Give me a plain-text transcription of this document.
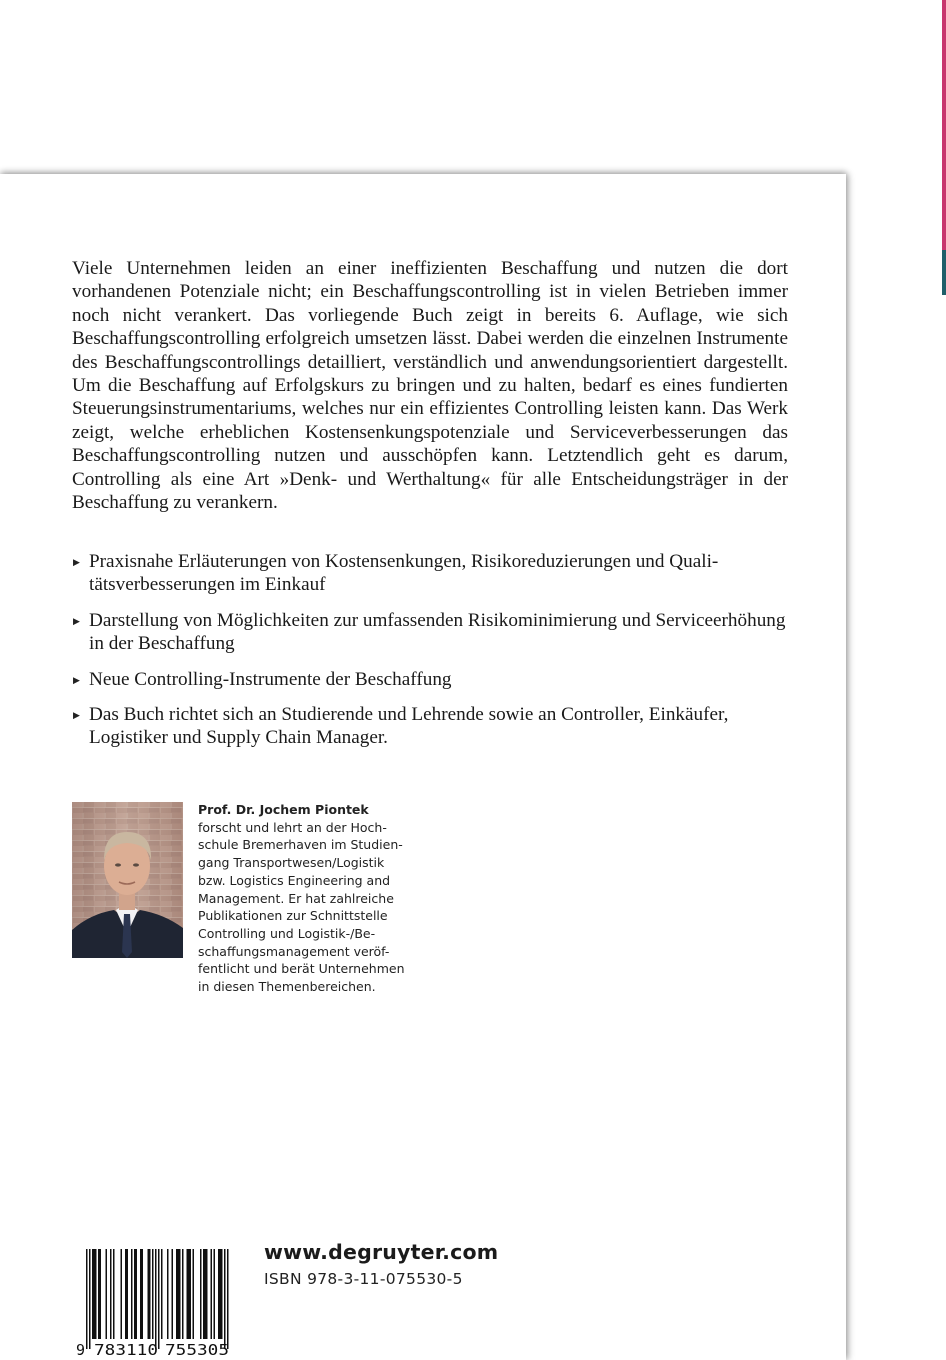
Viele Unternehmen leiden an einer ineffizienten Beschaffung und nutzen die dort vorhandenen Potenziale nicht; ein Beschaffungscontrolling ist in vielen Betrieben immer noch nicht verankert. Das vorliegende Buch zeigt in bereits 6. Auflage, wie sich Beschaffungscontrolling erfolgreich umsetzen lässt. Dabei werden die einzelnen Instrumente des Beschaffungscontrollings detailliert, verständlich und anwendungsorientiert dargestellt. Um die Beschaffung auf Erfolgskurs zu bringen und zu halten, bedarf es eines fundierten Steuerungsinstrumentariums, welches nur ein effizientes Controlling leisten kann. Das Werk zeigt, welche erheblichen Kostensenkungspotenziale und Serviceverbesserungen das Beschaffungscontrolling nutzen und ausschöpfen kann. Letztendlich geht es darum, Controlling als eine Art »Denk- und Werthaltung« für alle Entscheidungsträger in der Beschaffung zu verankern.

▶ Praxisnahe Erläuterungen von Kostensenkungen, Risikoreduzierungen und Qualitätsverbesserungen im Einkauf
▶ Darstellung von Möglichkeiten zur umfassenden Risikominimierung und Serviceerhöhung in der Beschaffung
▶ Neue Controlling-Instrumente der Beschaffung
▶ Das Buch richtet sich an Studierende und Lehrende sowie an Controller, Einkäufer, Logistiker und Supply Chain Manager.
Prof. Dr. Jochem Piontek
forscht und lehrt an der Hoch-
schule Bremerhaven im Studien-
gang Transportwesen/Logistik
bzw. Logistics Engineering and
Management. Er hat zahlreiche
Publikationen zur Schnittstelle
Controlling und Logistik-/Be-
schaffungsmanagement veröf-
fentlicht und berät Unternehmen
in diesen Themenbereichen.
9 783110 755305
www.degruyter.com
ISBN 978-3-11-075530-5
